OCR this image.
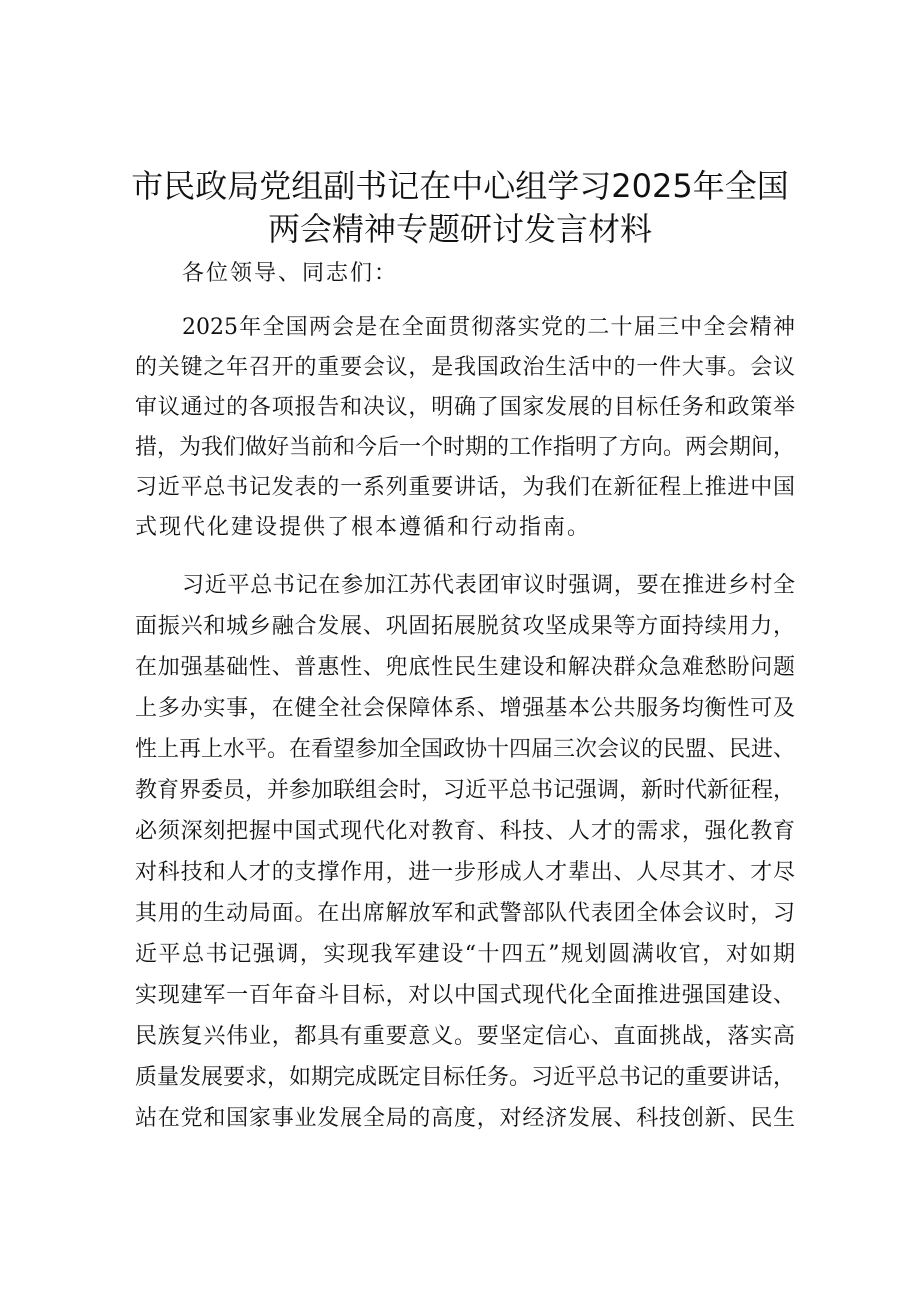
市民政局党组副书记在中心组学习2025年全国
两会精神专题研讨发言材料
各位领导、同志们：
2025年全国两会是在全面贯彻落实党的二十届三中全会精神
的关键之年召开的重要会议，是我国政治生活中的一件大事。会议
审议通过的各项报告和决议，明确了国家发展的目标任务和政策举
措，为我们做好当前和今后一个时期的工作指明了方向。两会期间，
习近平总书记发表的一系列重要讲话，为我们在新征程上推进中国
式现代化建设提供了根本遵循和行动指南。
习近平总书记在参加江苏代表团审议时强调，要在推进乡村全
面振兴和城乡融合发展、巩固拓展脱贫攻坚成果等方面持续用力，
在加强基础性、普惠性、兜底性民生建设和解决群众急难愁盼问题
上多办实事，在健全社会保障体系、增强基本公共服务均衡性可及
性上再上水平。在看望参加全国政协十四届三次会议的民盟、民进、
教育界委员，并参加联组会时，习近平总书记强调，新时代新征程，
必须深刻把握中国式现代化对教育、科技、人才的需求，强化教育
对科技和人才的支撑作用，进一步形成人才辈出、人尽其才、才尽
其用的生动局面。在出席解放军和武警部队代表团全体会议时，习
近平总书记强调，实现我军建设“十四五”规划圆满收官，对如期
实现建军一百年奋斗目标，对以中国式现代化全面推进强国建设、
民族复兴伟业，都具有重要意义。要坚定信心、直面挑战，落实高
质量发展要求，如期完成既定目标任务。习近平总书记的重要讲话，
站在党和国家事业发展全局的高度，对经济发展、科技创新、民生
